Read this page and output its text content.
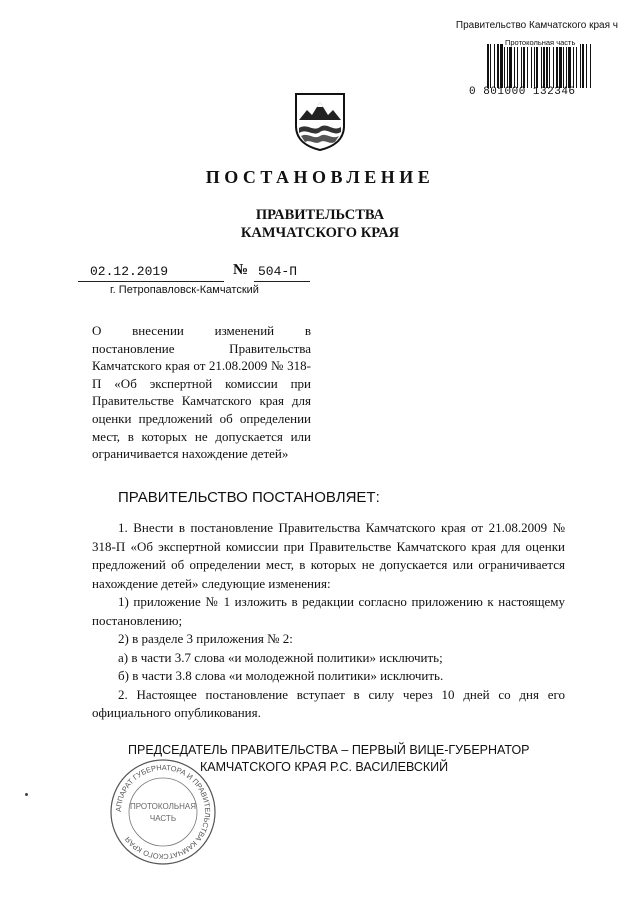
Правительство Камчатского края ч
Протокольная часть
0 801000 132346
ПОСТАНОВЛЕНИЕ
ПРАВИТЕЛЬСТВА
КАМЧАТСКОГО КРАЯ
02.12.2019	№ 504-П
г. Петропавловск-Камчатский
О внесении изменений в постановление Правительства Камчатского края от 21.08.2009 № 318-П «Об экспертной комиссии при Правительстве Камчатского края для оценки предложений об определении мест, в которых не допускается или ограничивается нахождение детей»
ПРАВИТЕЛЬСТВО ПОСТАНОВЛЯЕТ:

1. Внести в постановление Правительства Камчатского края от 21.08.2009 № 318-П «Об экспертной комиссии при Правительстве Камчатского края для оценки предложений об определении мест, в которых не допускается или ограничивается нахождение детей» следующие изменения:

1) приложение № 1 изложить в редакции согласно приложению к настоящему постановлению;

2) в разделе 3 приложения № 2:

а) в части 3.7 слова «и молодежной политики» исключить;

б) в части 3.8 слова «и молодежной политики» исключить.

2. Настоящее постановление вступает в силу через 10 дней со дня его официального опубликования.

АППАРАТ ГУБЕРНАТОРА И ПРАВИТЕЛЬСТВА КАМЧАТСКОГО КРАЯ
ПРОТОКОЛЬНАЯ
ЧАСТЬ
ПРЕДСЕДАТЕЛЬ ПРАВИТЕЛЬСТВА – ПЕРВЫЙ ВИЦЕ-ГУБЕРНАТОР
КАМЧАТСКОГО КРАЯ Р.С. ВАСИЛЕВСКИЙ
